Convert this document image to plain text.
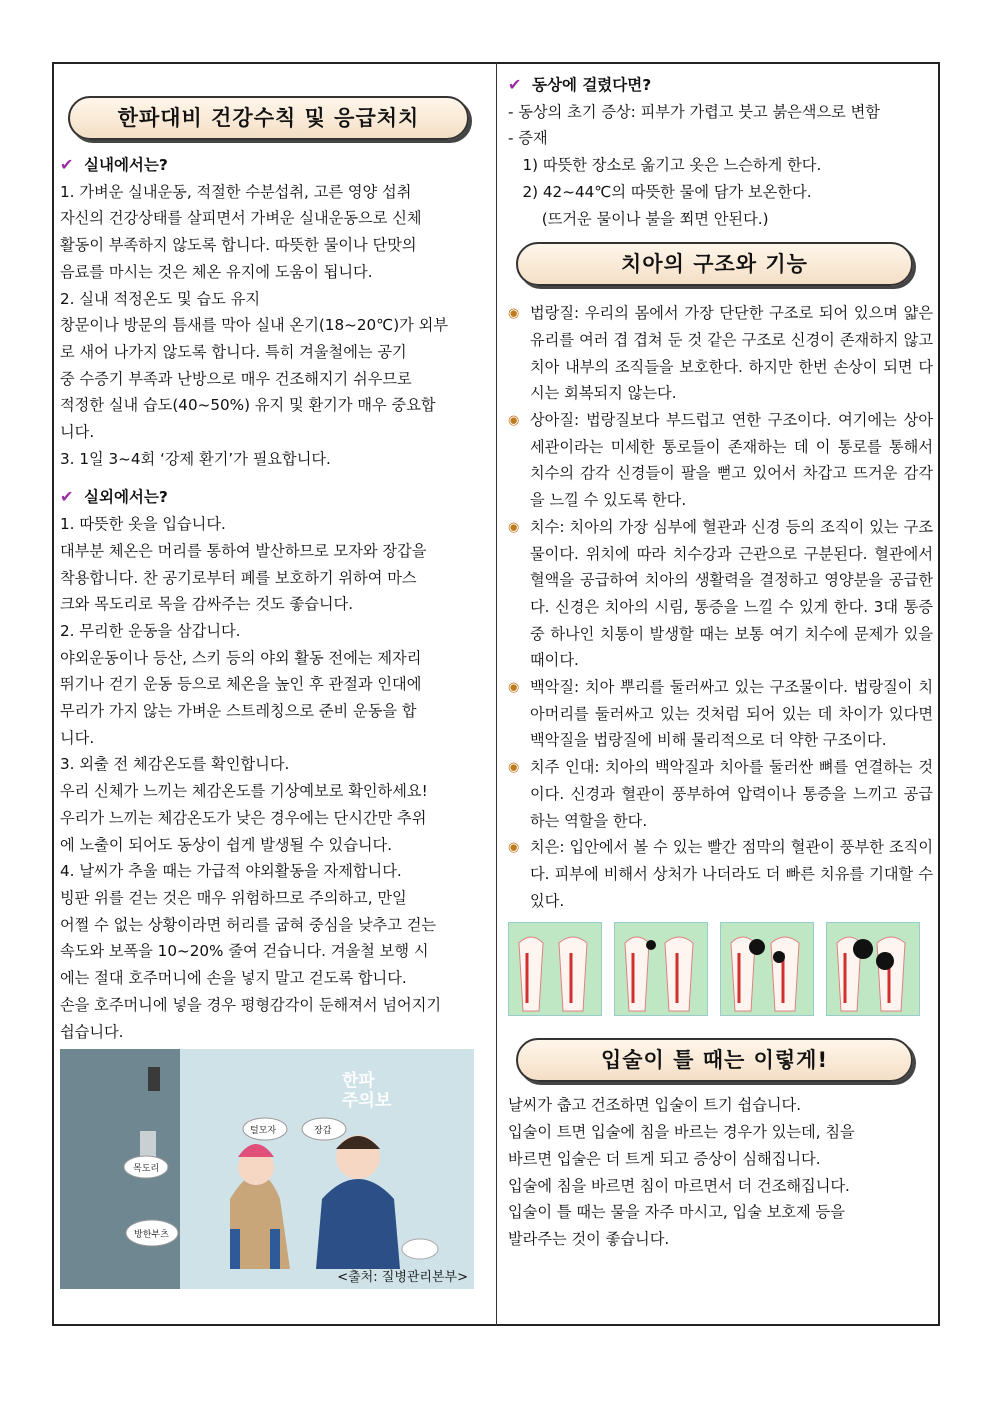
한파대비 건강수칙 및 응급처치
✔ 실내에서는?
1. 가벼운 실내운동, 적절한 수분섭취, 고른 영양 섭취
자신의 건강상태를 살피면서 가벼운 실내운동으로 신체
활동이 부족하지 않도록 합니다. 따뜻한 물이나 단맛의
음료를 마시는 것은 체온 유지에 도움이 됩니다.
2. 실내 적정온도 및 습도 유지
창문이나 방문의 틈새를 막아 실내 온기(18~20℃)가 외부
로 새어 나가지 않도록 합니다. 특히 겨울철에는 공기
중 수증기 부족과 난방으로 매우 건조해지기 쉬우므로
적정한 실내 습도(40~50%) 유지 및 환기가 매우 중요합
니다.
3. 1일 3~4회 ‘강제 환기’가 필요합니다.
✔ 실외에서는?
1. 따뜻한 옷을 입습니다.
대부분 체온은 머리를 통하여 발산하므로 모자와 장갑을
착용합니다. 찬 공기로부터 폐를 보호하기 위하여 마스
크와 목도리로 목을 감싸주는 것도 좋습니다.
2. 무리한 운동을 삼갑니다.
야외운동이나 등산, 스키 등의 야외 활동 전에는 제자리
뛰기나 걷기 운동 등으로 체온을 높인 후 관절과 인대에
무리가 가지 않는 가벼운 스트레칭으로 준비 운동을 합
니다.
3. 외출 전 체감온도를 확인합니다.
우리 신체가 느끼는 체감온도를 기상예보로 확인하세요!
우리가 느끼는 체감온도가 낮은 경우에는 단시간만 추위
에 노출이 되어도 동상이 쉽게 발생될 수 있습니다.
4. 날씨가 추울 때는 가급적 야외활동을 자제합니다.
빙판 위를 걷는 것은 매우 위험하므로 주의하고, 만일
어쩔 수 없는 상황이라면 허리를 굽혀 중심을 낮추고 걷는
속도와 보폭을 10~20% 줄여 걷습니다. 겨울철 보행 시
에는 절대 호주머니에 손을 넣지 말고 걷도록 합니다.
손을 호주머니에 넣을 경우 평형감각이 둔해져서 넘어지기
쉽습니다.
한파
주의보
털모자	장갑
목도리
방한부츠
<출처: 질병관리본부>
✔ 동상에 걸렸다면?
- 동상의 초기 증상: 피부가 가렵고 붓고 붉은색으로 변함
- 증재
1) 따뜻한 장소로 옮기고 옷은 느슨하게 한다.
2) 42~44℃의 따뜻한 물에 담가 보온한다.
(뜨거운 물이나 불을 쬐면 안된다.)
치아의 구조와 기능
◉ 법랑질: 우리의 몸에서 가장 단단한 구조로 되어 있으며 얇은 유리를 여러 겹 겹쳐 둔 것 같은 구조로 신경이 존재하지 않고 치아 내부의 조직들을 보호한다. 하지만 한번 손상이 되면 다시는 회복되지 않는다.
◉ 상아질: 법랑질보다 부드럽고 연한 구조이다. 여기에는 상아세관이라는 미세한 통로들이 존재하는 데 이 통로를 통해서 치수의 감각 신경들이 팔을 뻗고 있어서 차갑고 뜨거운 감각을 느낄 수 있도록 한다.
◉ 치수: 치아의 가장 심부에 혈관과 신경 등의 조직이 있는 구조물이다. 위치에 따라 치수강과 근관으로 구분된다. 혈관에서 혈액을 공급하여 치아의 생활력을 결정하고 영양분을 공급한다. 신경은 치아의 시림, 통증을 느낄 수 있게 한다. 3대 통증 중 하나인 치통이 발생할 때는 보통 여기 치수에 문제가 있을 때이다.
◉ 백악질: 치아 뿌리를 둘러싸고 있는 구조물이다. 법랑질이 치아머리를 둘러싸고 있는 것처럼 되어 있는 데 차이가 있다면 백악질을 법랑질에 비해 물리적으로 더 약한 구조이다.
◉ 치주 인대: 치아의 백악질과 치아를 둘러싼 뼈를 연결하는 것이다. 신경과 혈관이 풍부하여 압력이나 통증을 느끼고 공급하는 역할을 한다.
◉ 치은: 입안에서 볼 수 있는 빨간 점막의 혈관이 풍부한 조직이다. 피부에 비해서 상처가 나더라도 더 빠른 치유를 기대할 수 있다.
입술이 틀 때는 이렇게!
날씨가 춥고 건조하면 입술이 트기 쉽습니다.
입술이 트면 입술에 침을 바르는 경우가 있는데, 침을
바르면 입술은 더 트게 되고 증상이 심해집니다.
입술에 침을 바르면 침이 마르면서 더 건조해집니다.
입술이 틀 때는 물을 자주 마시고, 입술 보호제 등을
발라주는 것이 좋습니다.
